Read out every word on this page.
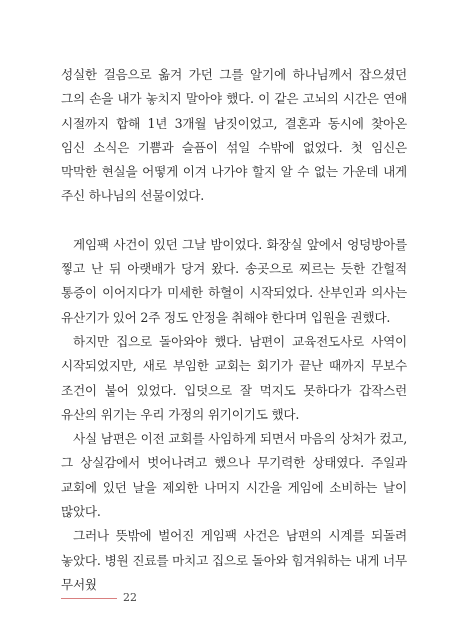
성실한 걸음으로 옮겨 가던 그를 알기에 하나님께서 잡으셨던 그의 손을 내가 놓치지 말아야 했다. 이 같은 고뇌의 시간은 연애 시절까지 합해 1년 3개월 남짓이었고, 결혼과 동시에 찾아온 임신 소식은 기쁨과 슬픔이 섞일 수밖에 없었다. 첫 임신은 막막한 현실을 어떻게 이겨 나가야 할지 알 수 없는 가운데 내게 주신 하나님의 선물이었다.

게임팩 사건이 있던 그날 밤이었다. 화장실 앞에서 엉덩방아를 찧고 난 뒤 아랫배가 당겨 왔다. 송곳으로 찌르는 듯한 간헐적 통증이 이어지다가 미세한 하혈이 시작되었다. 산부인과 의사는 유산기가 있어 2주 정도 안정을 취해야 한다며 입원을 권했다.

하지만 집으로 돌아와야 했다. 남편이 교육전도사로 사역이 시작되었지만, 새로 부임한 교회는 회기가 끝난 때까지 무보수 조건이 붙어 있었다. 입덧으로 잘 먹지도 못하다가 갑작스런 유산의 위기는 우리 가정의 위기이기도 했다.

사실 남편은 이전 교회를 사임하게 되면서 마음의 상처가 컸고, 그 상실감에서 벗어나려고 했으나 무기력한 상태였다. 주일과 교회에 있던 날을 제외한 나머지 시간을 게임에 소비하는 날이 많았다.

그러나 뜻밖에 벌어진 게임팩 사건은 남편의 시계를 되돌려 놓았다. 병원 진료를 마치고 집으로 돌아와 힘겨워하는 내게 너무 무서웠

22
